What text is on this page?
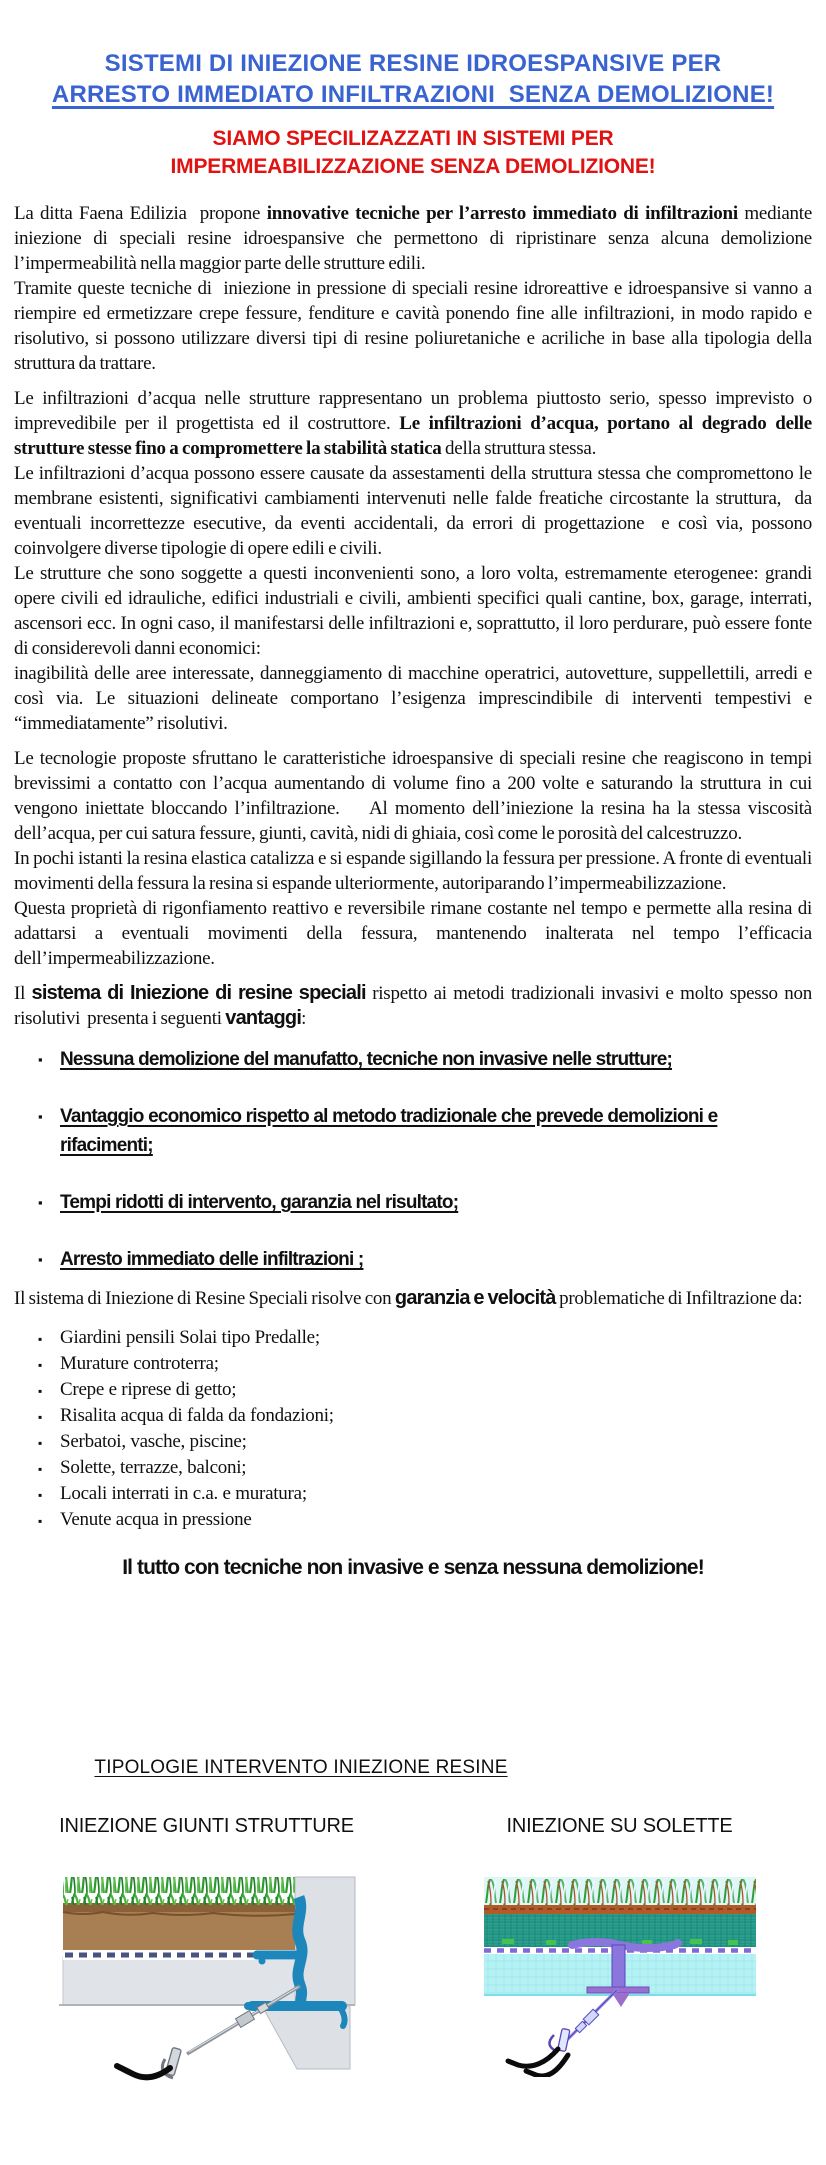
SISTEMI DI INIEZIONE RESINE IDROESPANSIVE PER
ARRESTO IMMEDIATO INFILTRAZIONI  SENZA DEMOLIZIONE!
SIAMO SPECILIZAZZATI IN SISTEMI PER
IMPERMEABILIZZAZIONE SENZA DEMOLIZIONE!

La ditta Faena Edilizia  propone innovative tecniche per l’arresto immediato di infiltrazioni mediante iniezione di speciali resine idroespansive che permettono di ripristinare senza alcuna demolizione l’impermeabilità nella maggior parte delle strutture edili.

Tramite queste tecniche di  iniezione in pressione di speciali resine idroreattive e idroespansive si vanno a riempire ed ermetizzare crepe fessure, fenditure e cavità ponendo fine alle infiltrazioni, in modo rapido e risolutivo, si possono utilizzare diversi tipi di resine poliuretaniche e acriliche in base alla tipologia della struttura da trattare.

Le infiltrazioni d’acqua nelle strutture rappresentano un problema piuttosto serio, spesso imprevisto o imprevedibile per il progettista ed il costruttore. Le infiltrazioni d’acqua, portano al degrado delle strutture stesse fino a compromettere la stabilità statica della struttura stessa.

Le infiltrazioni d’acqua possono essere causate da assestamenti della struttura stessa che compromettono le membrane esistenti, significativi cambiamenti intervenuti nelle falde freatiche circostante la struttura,  da eventuali incorrettezze esecutive, da eventi accidentali, da errori di progettazione  e così via, possono coinvolgere diverse tipologie di opere edili e civili.

Le strutture che sono soggette a questi inconvenienti sono, a loro volta, estremamente eterogenee: grandi opere civili ed idrauliche, edifici industriali e civili, ambienti specifici quali cantine, box, garage, interrati, ascensori ecc. In ogni caso, il manifestarsi delle infiltrazioni e, soprattutto, il loro perdurare, può essere fonte di considerevoli danni economici:

inagibilità delle aree interessate, danneggiamento di macchine operatrici, autovetture, suppellettili, arredi e così via. Le situazioni delineate comportano l’esigenza imprescindibile di interventi tempestivi e “immediatamente” risolutivi.

Le tecnologie proposte sfruttano le caratteristiche idroespansive di speciali resine che reagiscono in tempi brevissimi a contatto con l’acqua aumentando di volume fino a 200 volte e saturando la struttura in cui vengono iniettate bloccando l’infiltrazione.    Al momento dell’iniezione la resina ha la stessa viscosità dell’acqua, per cui satura fessure, giunti, cavità, nidi di ghiaia, così come le porosità del calcestruzzo.

In pochi istanti la resina elastica catalizza e si espande sigillando la fessura per pressione. A fronte di eventuali movimenti della fessura la resina si espande ulteriormente, autoriparando l’impermeabilizzazione.

Questa proprietà di rigonfiamento reattivo e reversibile rimane costante nel tempo e permette alla resina di adattarsi a eventuali movimenti della fessura, mantenendo inalterata nel tempo l’efficacia dell’impermeabilizzazione.

Il sistema di Iniezione di resine speciali rispetto ai metodi tradizionali invasivi e molto spesso non risolutivi  presenta i seguenti vantaggi:

▪ Nessuna demolizione del manufatto, tecniche non invasive nelle strutture;
▪ Vantaggio economico rispetto al metodo tradizionale che prevede demolizioni e rifacimenti;
▪ Tempi ridotti di intervento, garanzia nel risultato;
▪ Arresto immediato delle infiltrazioni ;

Il sistema di Iniezione di Resine Speciali risolve con garanzia e velocità problematiche di Infiltrazione da:

▪ Giardini pensili Solai tipo Predalle;
▪ Murature controterra;
▪ Crepe e riprese di getto;
▪ Risalita acqua di falda da fondazioni;
▪ Serbatoi, vasche, piscine;
▪ Solette, terrazze, balconi;
▪ Locali interrati in c.a. e muratura;
▪ Venute acqua in pressione
Il tutto con tecniche non invasive e senza nessuna demolizione!
TIPOLOGIE INTERVENTO INIEZIONE RESINE
INIEZIONE GIUNTI STRUTTURE	INIEZIONE SU SOLETTE
